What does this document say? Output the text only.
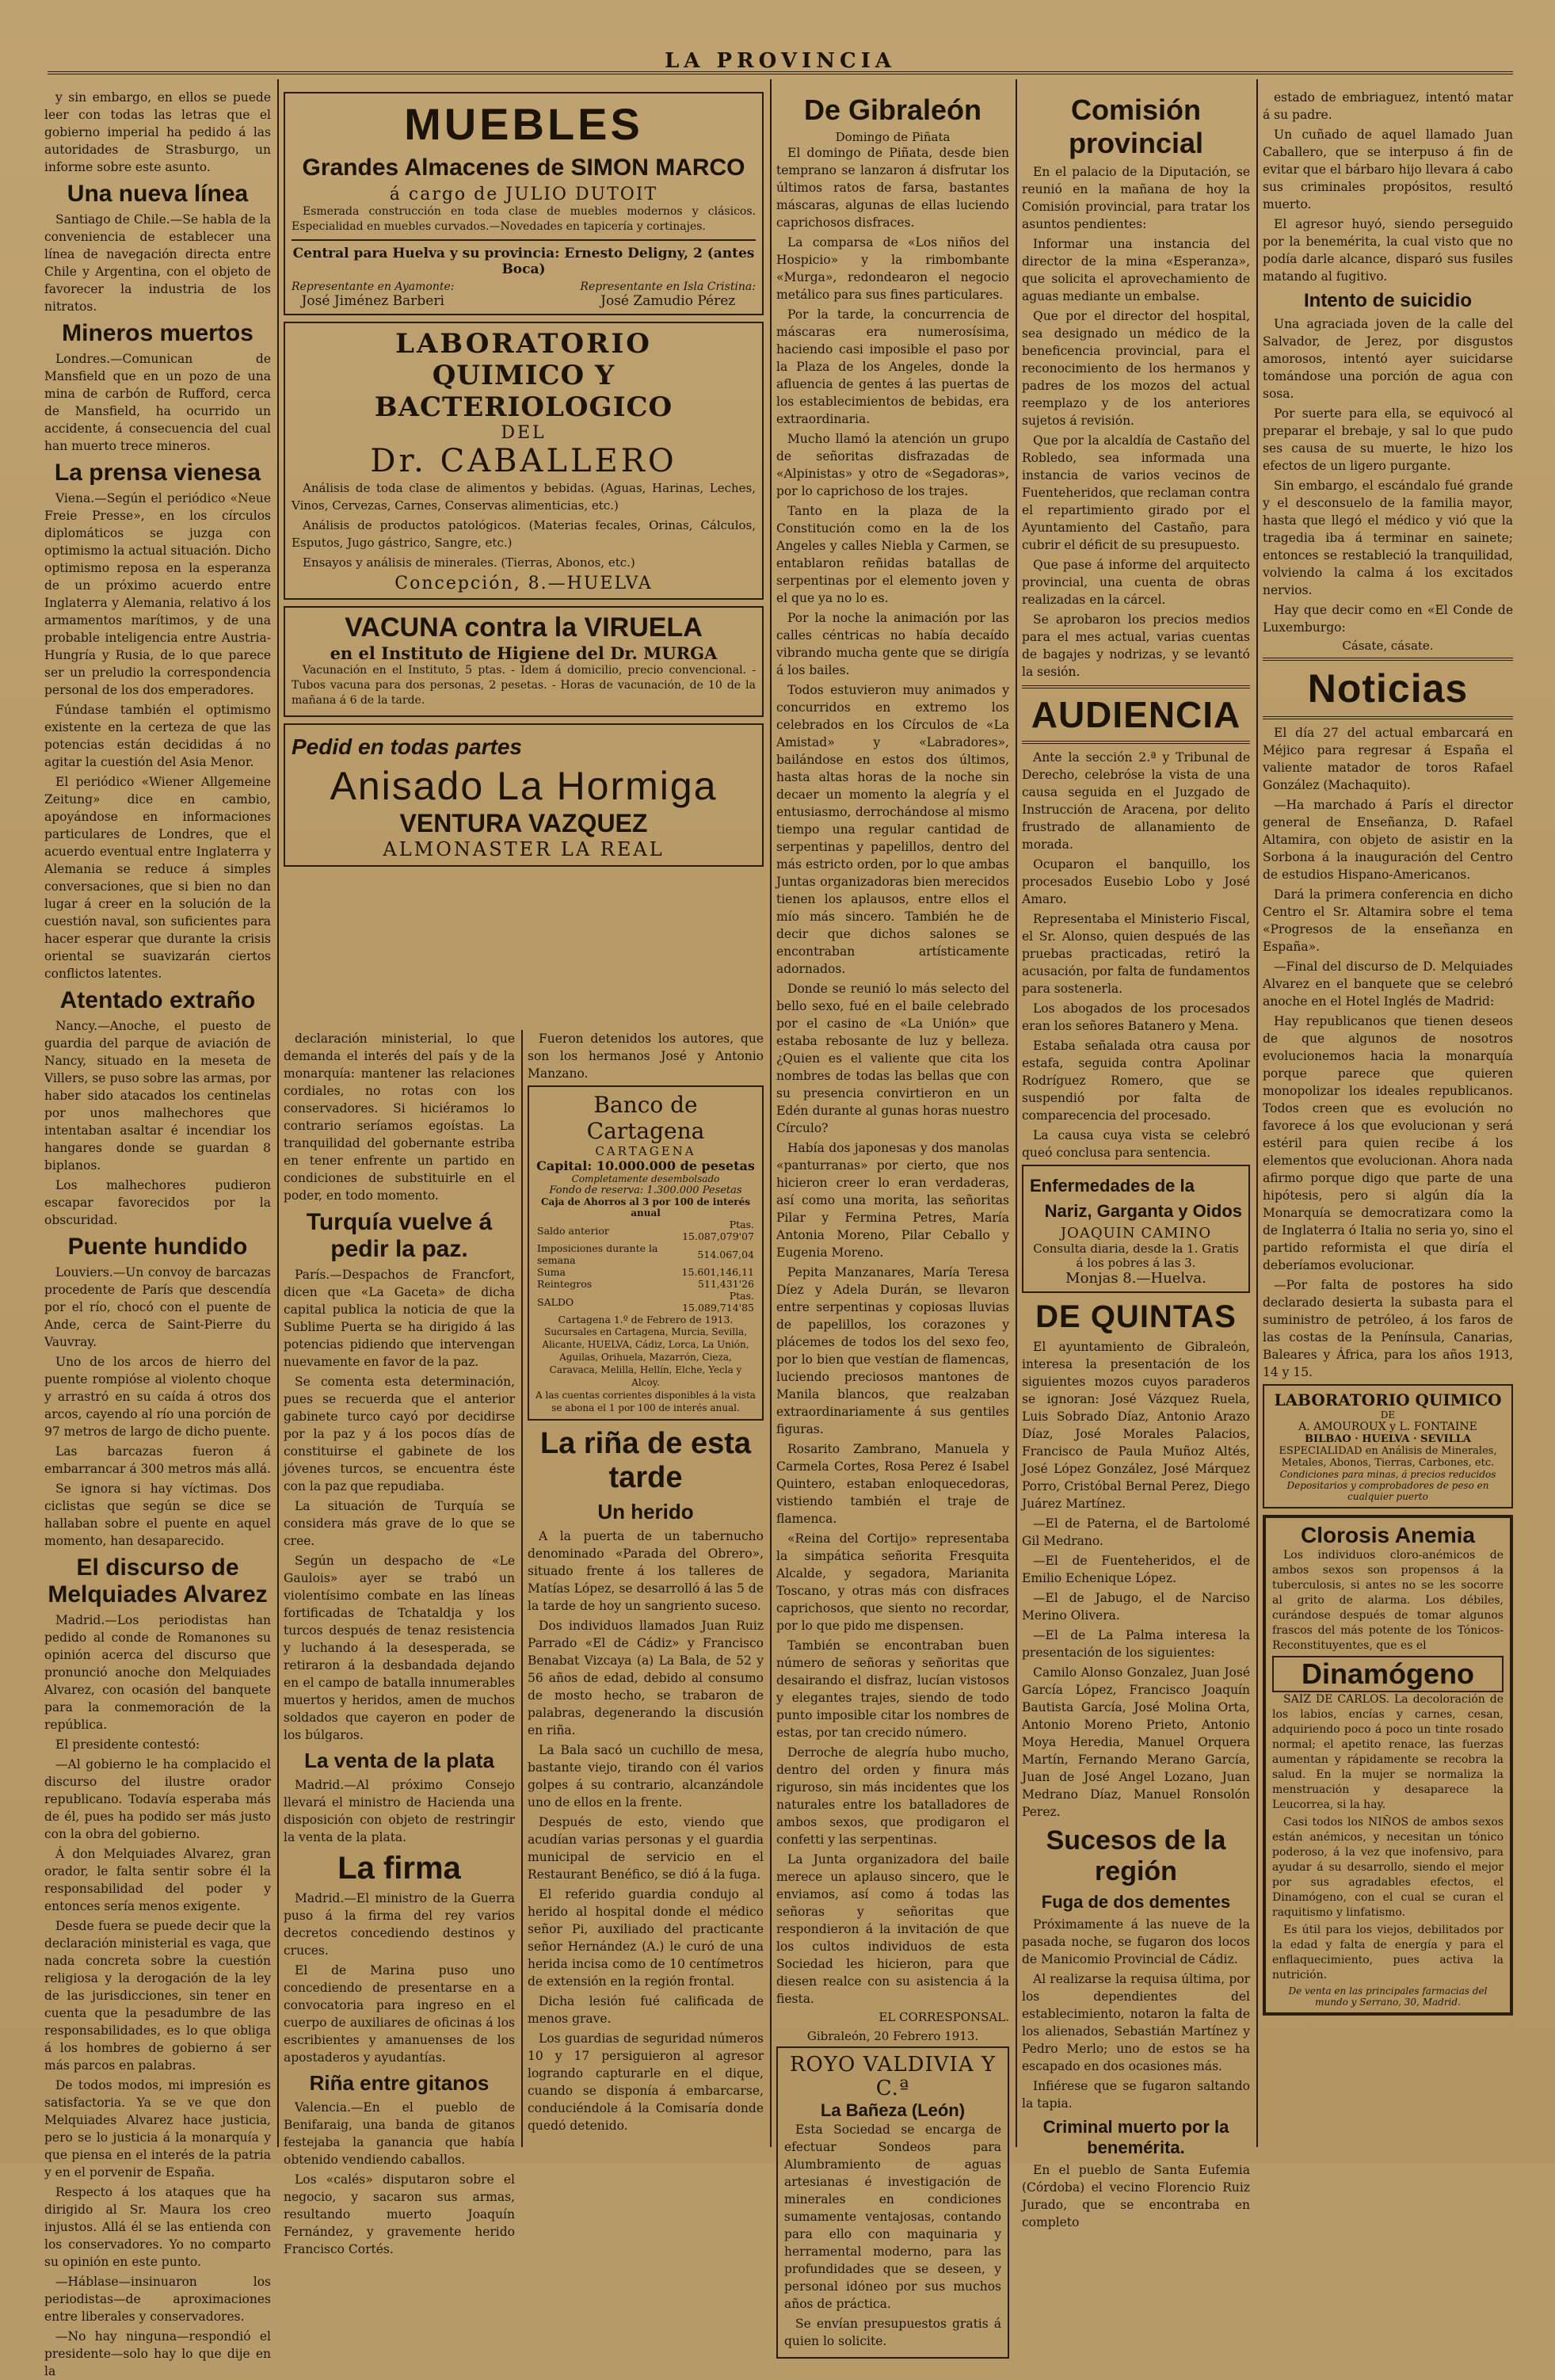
LA PROVINCIA

y sin embargo, en ellos se puede leer con todas las letras que el gobierno imperial ha pedido á las autoridades de Strasburgo, un informe sobre este asunto.

Una nueva línea

Santiago de Chile.—Se habla de la conveniencia de establecer una línea de navegación directa entre Chile y Argentina, con el objeto de favorecer la industria de los nitratos.

Mineros muertos

Londres.—Comunican de Mansfield que en un pozo de una mina de carbón de Rufford, cerca de Mansfield, ha ocurrido un accidente, á consecuencia del cual han muerto trece mineros.

La prensa vienesa

Viena.—Según el periódico «Neue Freie Presse», en los círculos diplomáticos se juzga con optimismo la actual situación. Dicho optimismo reposa en la esperanza de un próximo acuerdo entre Inglaterra y Alemania, relativo á los armamentos marítimos, y de una probable inteligencia entre Austria-Hungría y Rusia, de lo que parece ser un preludio la correspondencia personal de los dos emperadores.

Fúndase también el optimismo existente en la certeza de que las potencias están decididas á no agitar la cuestión del Asia Menor.

El periódico «Wiener Allgemeine Zeitung» dice en cambio, apoyándose en informaciones particulares de Londres, que el acuerdo eventual entre Inglaterra y Alemania se reduce á simples conversaciones, que si bien no dan lugar á creer en la solución de la cuestión naval, son suficientes para hacer esperar que durante la crisis oriental se suavizarán ciertos conflictos latentes.

Atentado extraño

Nancy.—Anoche, el puesto de guardia del parque de aviación de Nancy, situado en la meseta de Villers, se puso sobre las armas, por haber sido atacados los centinelas por unos malhechores que intentaban asaltar é incendiar los hangares donde se guardan 8 biplanos.

Los malhechores pudieron escapar favorecidos por la obscuridad.

Puente hundido

Louviers.—Un convoy de barcazas procedente de París que descendía por el río, chocó con el puente de Ande, cerca de Saint-Pierre du Vauvray.

Uno de los arcos de hierro del puente rompióse al violento choque y arrastró en su caída á otros dos arcos, cayendo al río una porción de 97 metros de largo de dicho puente.

Las barcazas fueron á embarrancar á 300 metros más allá.

Se ignora si hay víctimas. Dos ciclistas que según se dice se hallaban sobre el puente en aquel momento, han desaparecido.

El discurso de Melquiades Alvarez

Madrid.—Los periodistas han pedido al conde de Romanones su opinión acerca del discurso que pronunció anoche don Melquiades Alvarez, con ocasión del banquete para la conmemoración de la república.

El presidente contestó:

—Al gobierno le ha complacido el discurso del ilustre orador republicano. Todavía esperaba más de él, pues ha podido ser más justo con la obra del gobierno.

Á don Melquiades Alvarez, gran orador, le falta sentir sobre él la responsabilidad del poder y entonces sería menos exigente.

Desde fuera se puede decir que la declaración ministerial es vaga, que nada concreta sobre la cuestión religiosa y la derogación de la ley de las jurisdicciones, sin tener en cuenta que la pesadumbre de las responsabilidades, es lo que obliga á los hombres de gobierno á ser más parcos en palabras.

De todos modos, mi impresión es satisfactoria. Ya se ve que don Melquiades Alvarez hace justicia, pero se lo justicia á la monarquía y que piensa en el interés de la patria y en el porvenir de España.

Respecto á los ataques que ha dirigido al Sr. Maura los creo injustos. Allá él se las entienda con los conservadores. Yo no comparto su opinión en este punto.

—Háblase—insinuaron los periodistas—de aproximaciones entre liberales y conservadores.

—No hay ninguna—respondió el presidente—solo hay lo que dije en la

MUEBLES
Grandes Almacenes de SIMON MARCO
á cargo de JULIO DUTOIT

Esmerada construcción en toda clase de muebles modernos y clásicos. Especialidad en muebles curvados.—Novedades en tapicería y cortinajes.

Central para Huelva y su provincia: Ernesto Deligny, 2 (antes Boca)
Representante en Ayamonte:
José Jiménez Barberi
Representante en Isla Cristina:
José Zamudio Pérez
LABORATORIO
QUIMICO Y BACTERIOLOGICO
DEL
Dr. CABALLERO

Análisis de toda clase de alimentos y bebidas. (Aguas, Harinas, Leches, Vinos, Cervezas, Carnes, Conservas alimenticias, etc.)

Análisis de productos patológicos. (Materias fecales, Orinas, Cálculos, Esputos, Jugo gástrico, Sangre, etc.)

Ensayos y análisis de minerales. (Tierras, Abonos, etc.)

Concepción, 8.—HUELVA
VACUNA contra la VIRUELA
en el Instituto de Higiene del Dr. MURGA

Vacunación en el Instituto, 5 ptas. - Idem á domicilio, precio convencional. - Tubos vacuna para dos personas, 2 pesetas. - Horas de vacunación, de 10 de la mañana á 6 de la tarde.

Pedid en todas partes
Anisado La Hormiga
VENTURA VAZQUEZ
ALMONASTER LA REAL

declaración ministerial, lo que demanda el interés del país y de la monarquía: mantener las relaciones cordiales, no rotas con los conservadores. Si hiciéramos lo contrario seríamos egoístas. La tranquilidad del gobernante estriba en tener enfrente un partido en condiciones de substituirle en el poder, en todo momento.

Turquía vuelve á pedir la paz.

París.—Despachos de Francfort, dicen que «La Gaceta» de dicha capital publica la noticia de que la Sublime Puerta se ha dirigido á las potencias pidiendo que intervengan nuevamente en favor de la paz.

Se comenta esta determinación, pues se recuerda que el anterior gabinete turco cayó por decidirse por la paz y á los pocos días de constituirse el gabinete de los jóvenes turcos, se encuentra éste con la paz que repudiaba.

La situación de Turquía se considera más grave de lo que se cree.

Según un despacho de «Le Gaulois» ayer se trabó un violentísimo combate en las líneas fortificadas de Tchataldja y los turcos después de tenaz resistencia y luchando á la desesperada, se retiraron á la desbandada dejando en el campo de batalla innumerables muertos y heridos, amen de muchos soldados que cayeron en poder de los búlgaros.

La venta de la plata

Madrid.—Al próximo Consejo llevará el ministro de Hacienda una disposición con objeto de restringir la venta de la plata.

La firma

Madrid.—El ministro de la Guerra puso á la firma del rey varios decretos concediendo destinos y cruces.

El de Marina puso uno concediendo de presentarse en a convocatoria para ingreso en el cuerpo de auxiliares de oficinas á los escribientes y amanuenses de los apostaderos y ayudantías.

Riña entre gitanos

Valencia.—En el pueblo de Benifaraig, una banda de gitanos festejaba la ganancia que había obtenido vendiendo caballos.

Los «calés» disputaron sobre el negocio, y sacaron sus armas, resultando muerto Joaquín Fernández, y gravemente herido Francisco Cortés.

Fueron detenidos los autores, que son los hermanos José y Antonio Manzano.

Banco de Cartagena
CARTAGENA
Capital: 10.000.000 de pesetas
Completamente desembolsado
Fondo de reserva: 1.300.000 Pesetas
Caja de Ahorros al 3 por 100 de interés anual
Saldo anterior	Ptas. 15.087,079'07
Imposiciones durante la semana	514.067,04
Suma	15.601,146,11
Reintegros	511,431'26
SALDO	Ptas. 15.089,714'85
Cartagena 1.º de Febrero de 1913.
Sucursales en Cartagena, Murcia, Sevilla, Alicante, HUELVA, Cádiz, Lorca, La Unión, Aguilas, Orihuela, Mazarrón, Cieza, Caravaca, Melilla, Hellín, Elche, Yecla y Alcoy.
A las cuentas corrientes disponibles á la vista se abona el 1 por 100 de interés anual.
La riña de esta tarde
Un herido

A la puerta de un tabernucho denominado «Parada del Obrero», situado frente á los talleres de Matías López, se desarrolló á las 5 de la tarde de hoy un sangriento suceso.

Dos individuos llamados Juan Ruiz Parrado «El de Cádiz» y Francisco Benabat Vizcaya (a) La Bala, de 52 y 56 años de edad, debido al consumo de mosto hecho, se trabaron de palabras, degenerando la discusión en riña.

La Bala sacó un cuchillo de mesa, bastante viejo, tirando con él varios golpes á su contrario, alcanzándole uno de ellos en la frente.

Después de esto, viendo que acudían varias personas y el guardia municipal de servicio en el Restaurant Benéfico, se dió á la fuga.

El referido guardia condujo al herido al hospital donde el médico señor Pi, auxiliado del practicante señor Hernández (A.) le curó de una herida incisa como de 10 centímetros de extensión en la región frontal.

Dicha lesión fué calificada de menos grave.

Los guardias de seguridad números 10 y 17 persiguieron al agresor logrando capturarle en el dique, cuando se disponía á embarcarse, conduciéndole á la Comisaría donde quedó detenido.

De Gibraleón
Domingo de Piñata

El domingo de Piñata, desde bien temprano se lanzaron á disfrutar los últimos ratos de farsa, bastantes máscaras, algunas de ellas luciendo caprichosos disfraces.

La comparsa de «Los niños del Hospicio» y la rimbombante «Murga», redondearon el negocio metálico para sus fines particulares.

Por la tarde, la concurrencia de máscaras era numerosísima, haciendo casi imposible el paso por la Plaza de los Angeles, donde la afluencia de gentes á las puertas de los establecimientos de bebidas, era extraordinaria.

Mucho llamó la atención un grupo de señoritas disfrazadas de «Alpinistas» y otro de «Segadoras», por lo caprichoso de los trajes.

Tanto en la plaza de la Constitución como en la de los Angeles y calles Niebla y Carmen, se entablaron reñidas batallas de serpentinas por el elemento joven y el que ya no lo es.

Por la noche la animación por las calles céntricas no había decaído vibrando mucha gente que se dirigía á los bailes.

Todos estuvieron muy animados y concurridos en extremo los celebrados en los Círculos de «La Amistad» y «Labradores», bailándose en estos dos últimos, hasta altas horas de la noche sin decaer un momento la alegría y el entusiasmo, derrochándose al mismo tiempo una regular cantidad de serpentinas y papelillos, dentro del más estricto orden, por lo que ambas Juntas organizadoras bien merecidos tienen los aplausos, entre ellos el mío más sincero. También he de decir que dichos salones se encontraban artísticamente adornados.

Donde se reunió lo más selecto del bello sexo, fué en el baile celebrado por el casino de «La Unión» que estaba rebosante de luz y belleza. ¿Quien es el valiente que cita los nombres de todas las bellas que con su presencia convirtieron en un Edén durante al gunas horas nuestro Círculo?

Había dos japonesas y dos manolas «panturranas» por cierto, que nos hicieron creer lo eran verdaderas, así como una morita, las señoritas Pilar y Fermina Petres, María Antonia Moreno, Pilar Ceballo y Eugenia Moreno.

Pepita Manzanares, María Teresa Díez y Adela Durán, se llevaron entre serpentinas y copiosas lluvias de papelillos, los corazones y plácemes de todos los del sexo feo, por lo bien que vestían de flamencas, luciendo preciosos mantones de Manila blancos, que realzaban extraordinariamente á sus gentiles figuras.

Rosarito Zambrano, Manuela y Carmela Cortes, Rosa Perez é Isabel Quintero, estaban enloquecedoras, vistiendo también el traje de flamenca.

«Reina del Cortijo» representaba la simpática señorita Fresquita Alcalde, y segadora, Marianita Toscano, y otras más con disfraces caprichosos, que siento no recordar, por lo que pido me dispensen.

También se encontraban buen número de señoras y señoritas que desairando el disfraz, lucían vistosos y elegantes trajes, siendo de todo punto imposible citar los nombres de estas, por tan crecido número.

Derroche de alegría hubo mucho, dentro del orden y finura más riguroso, sin más incidentes que los naturales entre los batalladores de ambos sexos, que prodigaron el confetti y las serpentinas.

La Junta organizadora del baile merece un aplauso sincero, que le enviamos, así como á todas las señoras y señoritas que respondieron á la invitación de que los cultos individuos de esta Sociedad les hicieron, para que diesen realce con su asistencia á la fiesta.

EL CORRESPONSAL.
Gibraleón, 20 Febrero 1913.
ROYO VALDIVIA Y C.ª
La Bañeza (León)

Esta Sociedad se encarga de efectuar Sondeos para Alumbramiento de aguas artesianas é investigación de minerales en condiciones sumamente ventajosas, contando para ello con maquinaria y herramental moderno, para las profundidades que se deseen, y personal idóneo por sus muchos años de práctica.

Se envían presupuestos gratis á quien lo solicite.

Comisión provincial

En el palacio de la Diputación, se reunió en la mañana de hoy la Comisión provincial, para tratar los asuntos pendientes:

Informar una instancia del director de la mina «Esperanza», que solicita el aprovechamiento de aguas mediante un embalse.

Que por el director del hospital, sea designado un médico de la beneficencia provincial, para el reconocimiento de los hermanos y padres de los mozos del actual reemplazo y de los anteriores sujetos á revisión.

Que por la alcaldía de Castaño del Robledo, sea informada una instancia de varios vecinos de Fuenteheridos, que reclaman contra el repartimiento girado por el Ayuntamiento del Castaño, para cubrir el déficit de su presupuesto.

Que pase á informe del arquitecto provincial, una cuenta de obras realizadas en la cárcel.

Se aprobaron los precios medios para el mes actual, varias cuentas de bagajes y nodrizas, y se levantó la sesión.

AUDIENCIA

Ante la sección 2.ª y Tribunal de Derecho, celebróse la vista de una causa seguida en el Juzgado de Instrucción de Aracena, por delito frustrado de allanamiento de morada.

Ocuparon el banquillo, los procesados Eusebio Lobo y José Amaro.

Representaba el Ministerio Fiscal, el Sr. Alonso, quien después de las pruebas practicadas, retiró la acusación, por falta de fundamentos para sostenerla.

Los abogados de los procesados eran los señores Batanero y Mena.

Estaba señalada otra causa por estafa, seguida contra Apolinar Rodríguez Romero, que se suspendió por falta de comparecencia del procesado.

La causa cuya vista se celebró queó conclusa para sentencia.

Enfermedades de la
Nariz, Garganta y Oidos
JOAQUIN CAMINO
Consulta diaria, desde la 1. Gratis á los pobres á las 3.
Monjas 8.—Huelva.
DE QUINTAS

El ayuntamiento de Gibraleón, interesa la presentación de los siguientes mozos cuyos paraderos se ignoran: José Vázquez Ruela, Luis Sobrado Díaz, Antonio Arazo Díaz, José Morales Palacios, Francisco de Paula Muñoz Altés, José López González, José Márquez Porro, Cristóbal Bernal Perez, Diego Juárez Martínez.

—El de Paterna, el de Bartolomé Gil Medrano.

—El de Fuenteheridos, el de Emilio Echenique López.

—El de Jabugo, el de Narciso Merino Olivera.

—El de La Palma interesa la presentación de los siguientes:

Camilo Alonso Gonzalez, Juan José García López, Francisco Joaquín Bautista García, José Molina Orta, Antonio Moreno Prieto, Antonio Moya Heredia, Manuel Orquera Martín, Fernando Merano García, Juan de José Angel Lozano, Juan Medrano Díaz, Manuel Ronsolón Perez.

Sucesos de la región
Fuga de dos dementes

Próximamente á las nueve de la pasada noche, se fugaron dos locos de Manicomio Provincial de Cádiz.

Al realizarse la requisa última, por los dependientes del establecimiento, notaron la falta de los alienados, Sebastián Martínez y Pedro Merlo; uno de estos se ha escapado en dos ocasiones más.

Infiérese que se fugaron saltando la tapia.

Criminal muerto por la benemérita.

En el pueblo de Santa Eufemia (Córdoba) el vecino Florencio Ruiz Jurado, que se encontraba en completo

estado de embriaguez, intentó matar á su padre.

Un cuñado de aquel llamado Juan Caballero, que se interpuso á fin de evitar que el bárbaro hijo llevara á cabo sus criminales propósitos, resultó muerto.

El agresor huyó, siendo perseguido por la benemérita, la cual visto que no podía darle alcance, disparó sus fusiles matando al fugitivo.

Intento de suicidio

Una agraciada joven de la calle del Salvador, de Jerez, por disgustos amorosos, intentó ayer suicidarse tomándose una porción de agua con sosa.

Por suerte para ella, se equivocó al preparar el brebaje, y sal lo que pudo ses causa de su muerte, le hizo los efectos de un ligero purgante.

Sin embargo, el escándalo fué grande y el desconsuelo de la familia mayor, hasta que llegó el médico y vió que la tragedia iba á terminar en sainete; entonces se restableció la tranquilidad, volviendo la calma á los excitados nervios.

Hay que decir como en «El Conde de Luxemburgo:

Cásate, cásate.
Noticias

El día 27 del actual embarcará en Méjico para regresar á España el valiente matador de toros Rafael González (Machaquito).

—Ha marchado á París el director general de Enseñanza, D. Rafael Altamira, con objeto de asistir en la Sorbona á la inauguración del Centro de estudios Hispano-Americanos.

Dará la primera conferencia en dicho Centro el Sr. Altamira sobre el tema «Progresos de la enseñanza en España».

—Final del discurso de D. Melquiades Alvarez en el banquete que se celebró anoche en el Hotel Inglés de Madrid:

Hay republicanos que tienen deseos de que algunos de nosotros evolucionemos hacia la monarquía porque parece que quieren monopolizar los ideales republicanos. Todos creen que es evolución no favorece á los que evolucionan y será estéril para quien recibe á los elementos que evolucionan. Ahora nada afirmo porque digo que parte de una hipótesis, pero si algún día la Monarquía se democratizara como la de Inglaterra ó Italia no seria yo, sino el partido reformista el que diría el deberíamos evolucionar.

—Por falta de postores ha sido declarado desierta la subasta para el suministro de petróleo, á los faros de las costas de la Península, Canarias, Baleares y África, para los años 1913, 14 y 15.

LABORATORIO QUIMICO
DE
A. AMOUROUX y L. FONTAINE
BILBAO · HUELVA · SEVILLA
ESPECIALIDAD en Análisis de Minerales, Metales, Abonos, Tierras, Carbones, etc.
Condiciones para minas, á precios reducidos
Depositarios y comprobadores de peso en cualquier puerto
Clorosis Anemia

Los individuos cloro-anémicos de ambos sexos son propensos á la tuberculosis, si antes no se les socorre al grito de alarma. Los débiles, curándose después de tomar algunos frascos del más potente de los Tónicos-Reconstituyentes, que es el

Dinamógeno

SAIZ DE CARLOS. La decoloración de los labios, encías y carnes, cesan, adquiriendo poco á poco un tinte rosado normal; el apetito renace, las fuerzas aumentan y rápidamente se recobra la salud. En la mujer se normaliza la menstruación y desaparece la Leucorrea, si la hay.

Casi todos los NIÑOS de ambos sexos están anémicos, y necesitan un tónico poderoso, á la vez que inofensivo, para ayudar á su desarrollo, siendo el mejor por sus agradables efectos, el Dinamógeno, con el cual se curan el raquitismo y linfatismo.

Es útil para los viejos, debilitados por la edad y falta de energía y para el enflaquecimiento, pues activa la nutrición.

De venta en las principales farmacias del mundo y Serrano, 30, Madrid.
